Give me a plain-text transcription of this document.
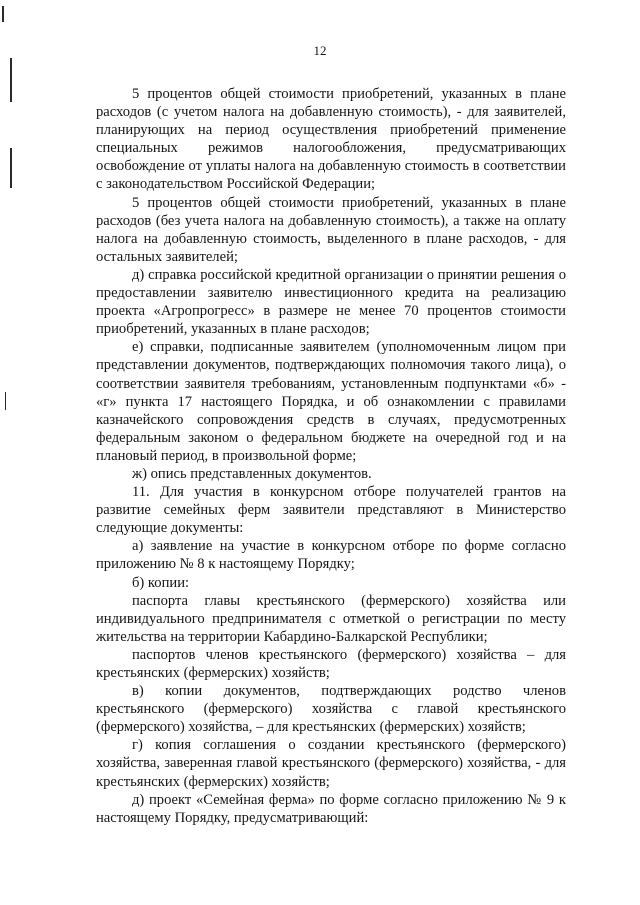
12

5 процентов общей стоимости приобретений, указанных в плане расходов (с учетом налога на добавленную стоимость), - для заявителей, планирующих на период осуществления приобретений применение специальных режимов налогообложения, предусматривающих освобождение от уплаты налога на добавленную стоимость в соответствии с законодательством Российской Федерации;

5 процентов общей стоимости приобретений, указанных в плане расходов (без учета налога на добавленную стоимость), а также на оплату налога на добавленную стоимость, выделенного в плане расходов, - для остальных заявителей;

д) справка российской кредитной организации о принятии решения о предоставлении заявителю инвестиционного кредита на реализацию проекта «Агропрогресс» в размере не менее 70 процентов стоимости приобретений, указанных в плане расходов;

е) справки, подписанные заявителем (уполномоченным лицом при представлении документов, подтверждающих полномочия такого лица), о соответствии заявителя требованиям, установленным подпунктами «б» - «г» пункта 17 настоящего Порядка, и об ознакомлении с правилами казначейского сопровождения средств в случаях, предусмотренных федеральным законом о федеральном бюджете на очередной год и на плановый период, в произвольной форме;

ж) опись представленных документов.

11. Для участия в конкурсном отборе получателей грантов на развитие семейных ферм заявители представляют в Министерство следующие документы:

а) заявление на участие в конкурсном отборе по форме согласно приложению № 8 к настоящему Порядку;

б) копии:

паспорта главы крестьянского (фермерского) хозяйства или индивидуального предпринимателя с отметкой о регистрации по месту жительства на территории Кабардино-Балкарской Республики;

паспортов членов крестьянского (фермерского) хозяйства – для крестьянских (фермерских) хозяйств;

в) копии документов, подтверждающих родство членов крестьянского (фермерского) хозяйства с главой крестьянского (фермерского) хозяйства, – для крестьянских (фермерских) хозяйств;

г) копия соглашения о создании крестьянского (фермерского) хозяйства, заверенная главой крестьянского (фермерского) хозяйства, - для крестьянских (фермерских) хозяйств;

д) проект «Семейная ферма» по форме согласно приложению № 9 к настоящему Порядку, предусматривающий:
